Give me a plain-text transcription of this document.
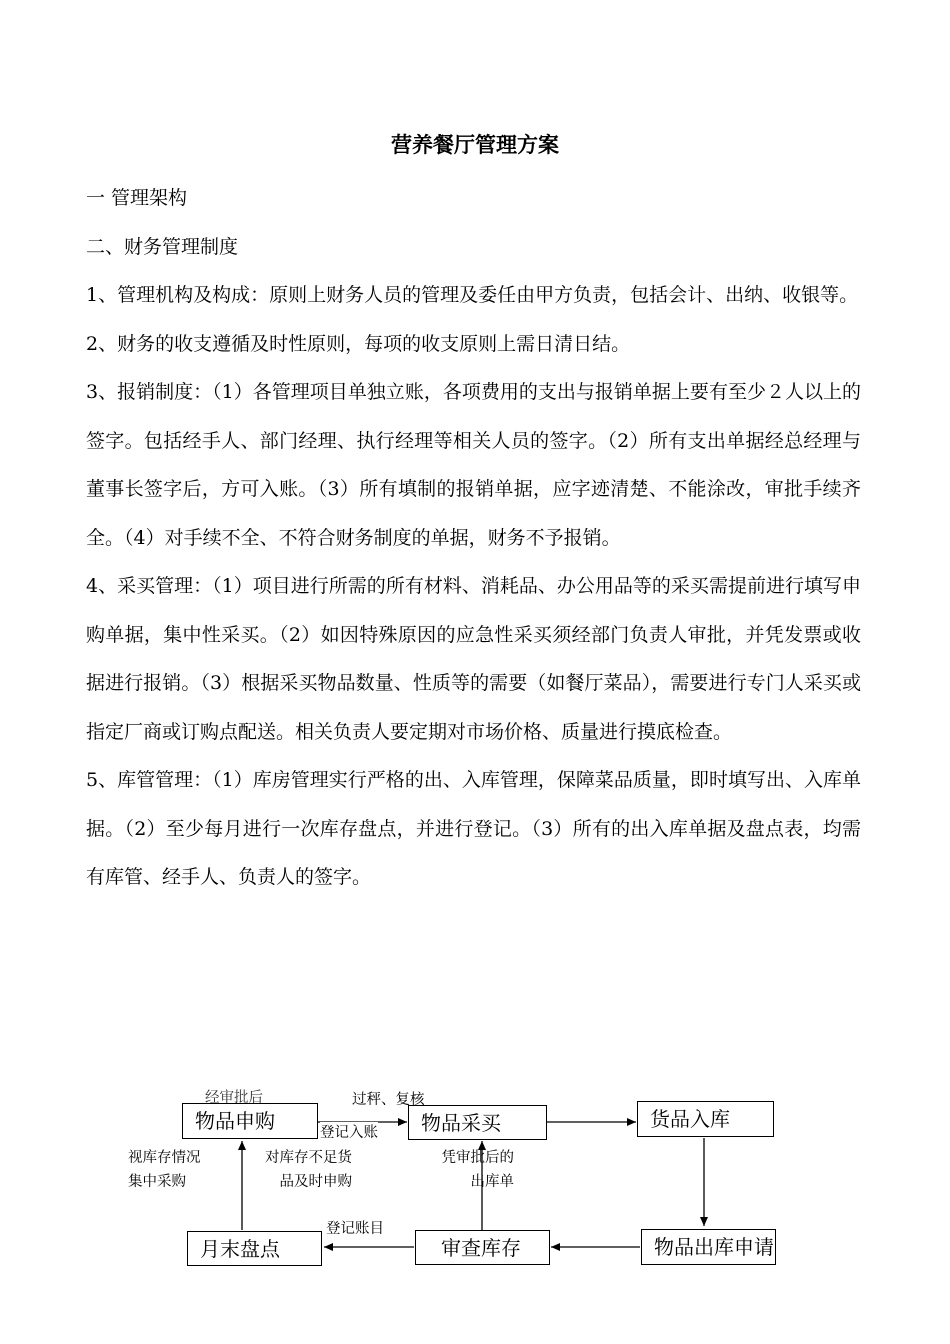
营养餐厅管理方案

一 管理架构

二、财务管理制度

1、管理机构及构成：原则上财务人员的管理及委任由甲方负责，包括会计、出纳、收银等。

2、财务的收支遵循及时性原则，每项的收支原则上需日清日结。

3、报销制度：（1）各管理项目单独立账，各项费用的支出与报销单据上要有至少２人以上的签字。包括经手人、部门经理、执行经理等相关人员的签字。（2）所有支出单据经总经理与董事长签字后，方可入账。（3）所有填制的报销单据，应字迹清楚、不能涂改，审批手续齐全。（4）对手续不全、不符合财务制度的单据，财务不予报销。

4、采买管理：（1）项目进行所需的所有材料、消耗品、办公用品等的采买需提前进行填写申购单据，集中性采买。（2）如因特殊原因的应急性采买须经部门负责人审批，并凭发票或收据进行报销。（3）根据采买物品数量、性质等的需要（如餐厅菜品），需要进行专门人采买或指定厂商或订购点配送。相关负责人要定期对市场价格、质量进行摸底检查。

5、库管管理：（1）库房管理实行严格的出、入库管理，保障菜品质量，即时填写出、入库单据。（2）至少每月进行一次库存盘点，并进行登记。（3）所有的出入库单据及盘点表，均需有库管、经手人、负责人的签字。

物品申购	物品采买	货品入库
物品出库申请
审查库存
月末盘点
经审批后	过秤、复核
登记入账
视库存情况集中采购
对库存不足货品及时申购
凭审批后的出库单
登记账目
